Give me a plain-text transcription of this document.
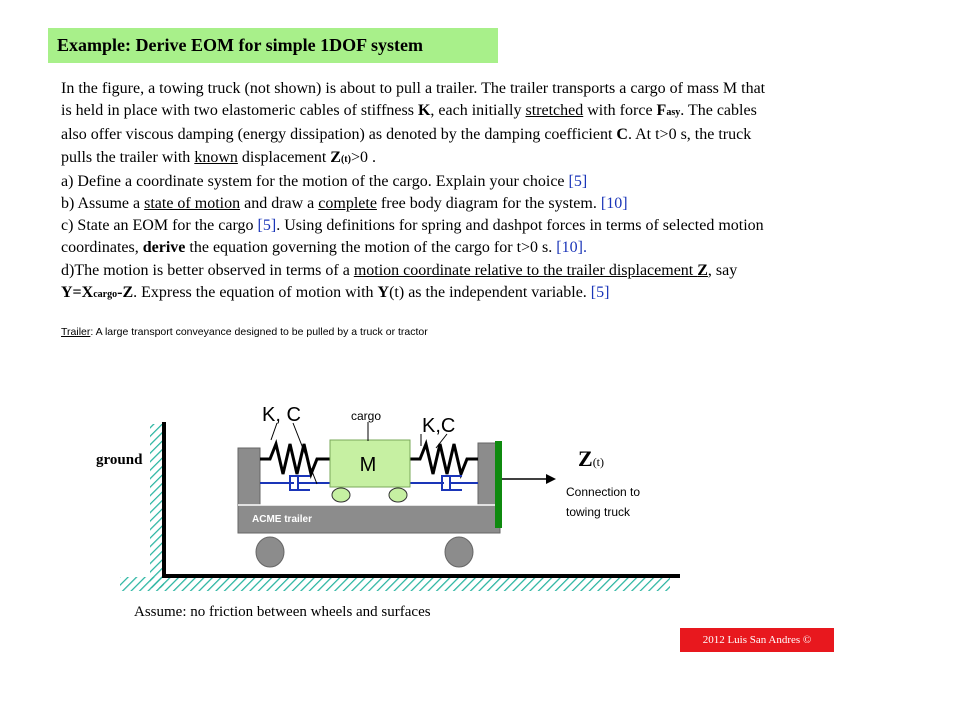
Example: Derive EOM for simple 1DOF system

In the figure, a towing truck (not shown) is about to pull a trailer. The trailer transports a cargo of mass M that

is held in place with two elastomeric cables of stiffness K, each initially stretched with force Fasy. The cables

also offer viscous damping (energy dissipation) as denoted by the damping coefficient C. At t>0 s, the truck

pulls the trailer with known displacement Z(t)>0 .

a) Define a coordinate system for the motion of the cargo. Explain your choice [5]

b) Assume a state of motion and draw a complete free body diagram for the system. [10]

c) State an EOM for the cargo [5]. Using definitions for spring and dashpot forces in terms of selected motion

coordinates, derive the equation governing the motion of the cargo for t>0 s. [10].

d)The motion is better observed in terms of a motion coordinate relative to the trailer displacement Z, say

Y=Xcargo-Z. Express the equation of motion with Y(t) as the independent variable. [5]

Trailer: A large transport conveyance designed to be pulled by a truck or tractor
ACME trailer
M
K, C	cargo K,C
ground	Z(t)
Connection to
towing truck
Assume: no friction between wheels and surfaces
2012 Luis San Andres ©
